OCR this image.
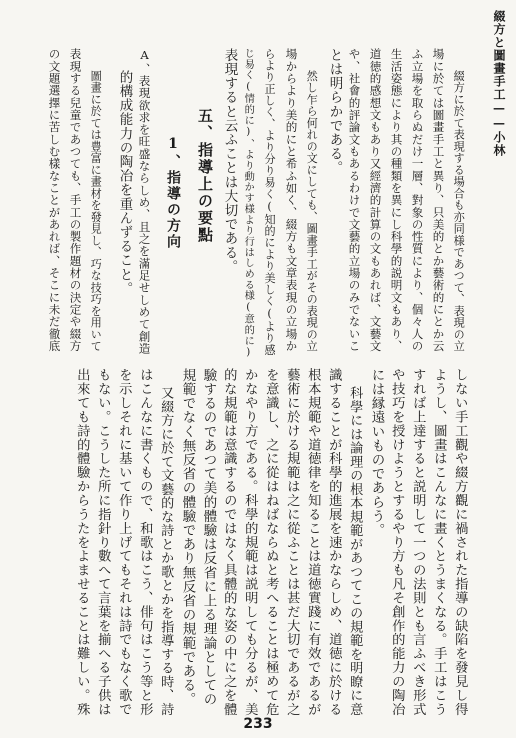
綴方と圖畫手工——小林
綴方に於て表現する場合も亦同様であつて、表現の立
場に於ては圖畫手工と異り、只美的とか藝術的にとか云
ふ立場を取らぬだけ一層、對象の性質により、個々人の
生活姿態により其の種類を異にし科學的説明文もあり、
道徳的感想文もあり又經濟的計算の文もあれば、文藝文
や、社會的評論文もあるわけで文藝的立場のみでないこ
とは明らかである。
然し乍ら何れの文にしても、圖畫手工がその表現の立
場からより美的にと希ふ如く、綴方も文章表現の立場か
らより正しく、より分り易く(知的により美しく(より感
じ易く(情的に)、より動かす様より行はしめる様(意的に)
表現すると云ふことは大切である。
五、指導上の要點
1、指導の方向
A、表現欲求を旺盛ならしめ、且之を滿足せしめて創造
的構成能力の陶冶を重んずること。
圖畫に於ては豊富に畫材を發見し、巧な技巧を用いて
表現する兒童であつても、手工の製作題材の決定や綴方
の文題選擇に苦しむ樣なことがあれば、そこに未だ徹底
しない手工觀や綴方觀に禍された指導の缺陷を發見し得
ようし、圖畫はこんなに畫くとうまくなる。手工はこう
すれば上達すると説明して一つの法則とも言ふべき形式
や技巧を授けようとするやり方も凡そ創作的能力の陶冶
には縁遠いものであらう。
科學には論理の根本規範があつてこの規範を明瞭に意
識することが科學的進展を速かならしめ、道徳に於ける
根本規範や道徳律を知ることは道徳實踐に有效であるが
藝術に於ける規範は之に從ふことは甚だ大切であるが之
を意識し、之に從はねばならぬと考へることは極めて危
かなやり方である。科學的規範は説明しても分るが、美
的な規範は意識するのではなく具體的な姿の中に之を體
驗するのであつて美的體驗は反省に上る理論としての
規範でなく無反省の體驗であり無反省の規範である。
又綴方に於て文藝的な詩とか歌とかを指導する時、詩
はこんなに書くもので、和歌はこう、俳句はこう等と形
を示しそれに基いて作り上げてもそれは詩でもなく歌で
もない。こうした所に指針り數へて言葉を揃へる子供は
出來ても詩的體驗からうたをよませることは難しい。殊
233
